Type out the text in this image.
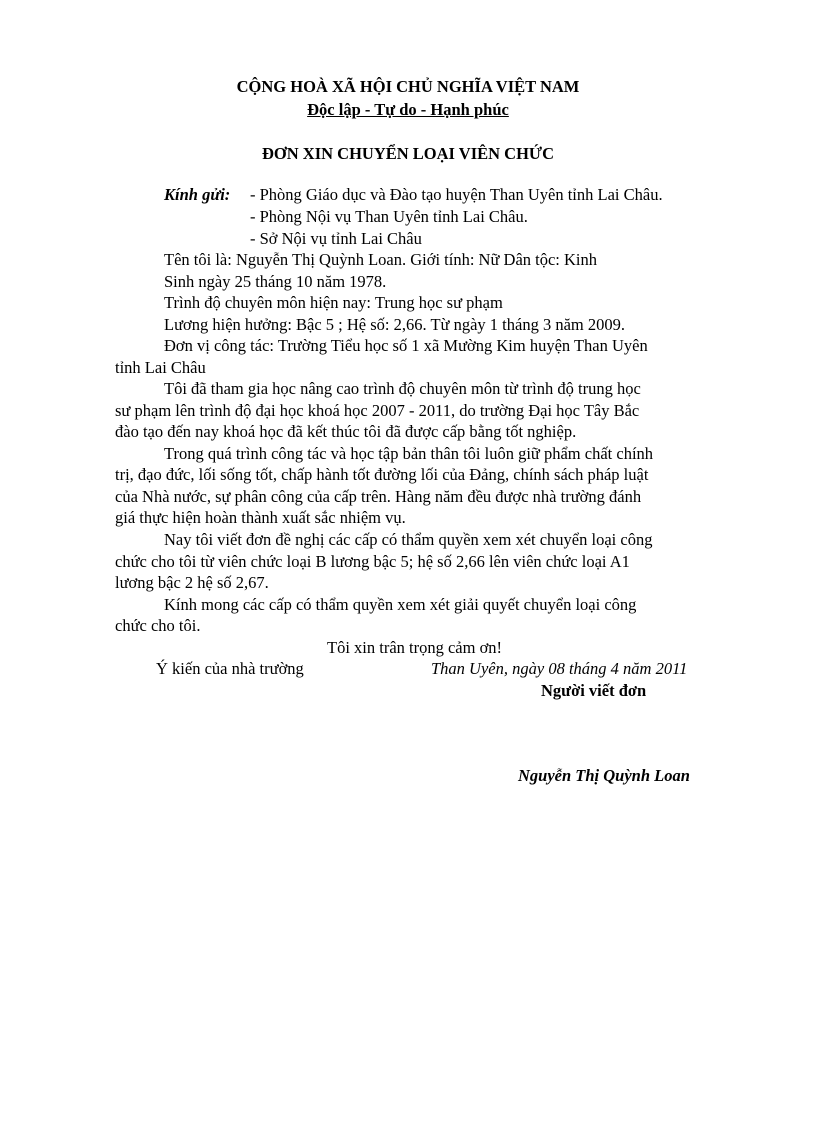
CỘNG HOÀ XÃ HỘI CHỦ NGHĨA VIỆT NAM
Độc lập - Tự do - Hạnh phúc
ĐƠN XIN CHUYỂN LOẠI VIÊN CHỨC
Kính gửi: - Phòng Giáo dục và Đào tạo huyện Than Uyên tỉnh Lai Châu.
- Phòng Nội vụ Than Uyên tỉnh Lai Châu.
- Sở Nội vụ tỉnh Lai Châu
Tên tôi là: Nguyễn Thị Quỳnh Loan. Giới tính: Nữ Dân tộc: Kinh
Sinh ngày 25 tháng 10 năm 1978.
Trình độ chuyên môn hiện nay: Trung học sư phạm
Lương hiện hưởng: Bậc 5 ; Hệ số: 2,66. Từ ngày 1 tháng 3 năm 2009.
Đơn vị công tác: Trường Tiểu học số 1 xã Mường Kim huyện Than Uyên
tỉnh Lai Châu
Tôi đã tham gia học nâng cao trình độ chuyên môn từ trình độ trung học
sư phạm lên trình độ đại học khoá học 2007 - 2011, do trường Đại học Tây Bắc
đào tạo đến nay khoá học đã kết thúc tôi đã được cấp bằng tốt nghiệp.
Trong quá trình công tác và học tập bản thân tôi luôn giữ phẩm chất chính
trị, đạo đức, lối sống tốt, chấp hành tốt đường lối của Đảng, chính sách pháp luật
của Nhà nước, sự phân công của cấp trên. Hàng năm đều được nhà trường đánh
giá thực hiện hoàn thành xuất sắc nhiệm vụ.
Nay tôi viết đơn đề nghị các cấp có thẩm quyền xem xét chuyển loại công
chức cho tôi từ viên chức loại B lương bậc 5; hệ số 2,66 lên viên chức loại A1
lương bậc 2 hệ số 2,67.
Kính mong các cấp có thẩm quyền xem xét giải quyết chuyển loại công
chức cho tôi.
Tôi xin trân trọng cảm ơn!
Ý kiến của nhà trường	Than Uyên, ngày 08 tháng 4 năm 2011
Người viết đơn
Nguyễn Thị Quỳnh Loan
